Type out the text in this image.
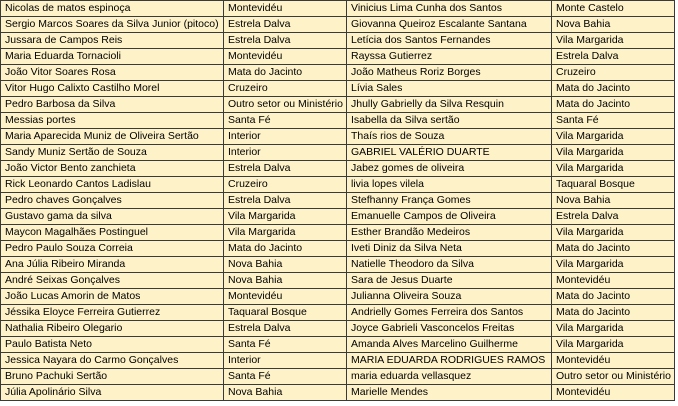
Nicolas de matos espinoça	Montevidéu	Vinicius Lima Cunha dos Santos	Monte Castelo
Sergio Marcos Soares da Silva Junior (pitoco)	Estrela Dalva	Giovanna Queiroz Escalante Santana	Nova Bahia
Jussara de Campos Reis	Estrela Dalva	Letícia dos Santos Fernandes	Vila Margarida
Maria Eduarda Tornacioli	Montevidéu	Rayssa Gutierrez	Estrela Dalva
João Vitor Soares Rosa	Mata do Jacinto	João Matheus Roriz Borges	Cruzeiro
Vitor Hugo Calixto Castilho Morel	Cruzeiro	Lívia Sales	Mata do Jacinto
Pedro Barbosa da Silva	Outro setor ou Ministério	Jhully Gabrielly da Silva Resquin	Mata do Jacinto
Messias portes	Santa Fé	Isabella da Silva sertão	Santa Fé
Maria Aparecida Muniz de Oliveira Sertão	Interior	Thaís rios de Souza	Vila Margarida
Sandy Muniz Sertão de Souza	Interior	GABRIEL VALÉRIO DUARTE	Vila Margarida
João Victor Bento zanchieta	Estrela Dalva	Jabez gomes de oliveira	Vila Margarida
Rick Leonardo Cantos Ladislau	Cruzeiro	livia lopes vilela	Taquaral Bosque
Pedro chaves Gonçalves	Estrela Dalva	Stefhanny França Gomes	Nova Bahia
Gustavo gama da silva	Vila Margarida	Emanuelle Campos de Oliveira	Estrela Dalva
Maycon Magalhães Postinguel	Vila Margarida	Esther Brandão Medeiros	Vila Margarida
Pedro Paulo Souza Correia	Mata do Jacinto	Iveti Diniz da Silva Neta	Mata do Jacinto
Ana Júlia Ribeiro Miranda	Nova Bahia	Natielle Theodoro da Silva	Vila Margarida
André Seixas Gonçalves	Nova Bahia	Sara de Jesus Duarte	Montevidéu
João Lucas Amorin de Matos	Montevidéu	Julianna Oliveira Souza	Mata do Jacinto
Jéssika Eloyce Ferreira Gutierrez	Taquaral Bosque	Andrielly Gomes Ferreira dos Santos	Mata do Jacinto
Nathalia Ribeiro Olegario	Estrela Dalva	Joyce Gabrieli Vasconcelos Freitas	Vila Margarida
Paulo Batista Neto	Santa Fé	Amanda Alves Marcelino Guilherme	Vila Margarida
Jessica Nayara do Carmo Gonçalves	Interior	MARIA EDUARDA RODRIGUES RAMOS	Montevidéu
Bruno Pachuki Sertão	Santa Fé	maria eduarda vellasquez	Outro setor ou Ministério
Júlia Apolinário Silva	Nova Bahia	Marielle Mendes	Montevidéu
